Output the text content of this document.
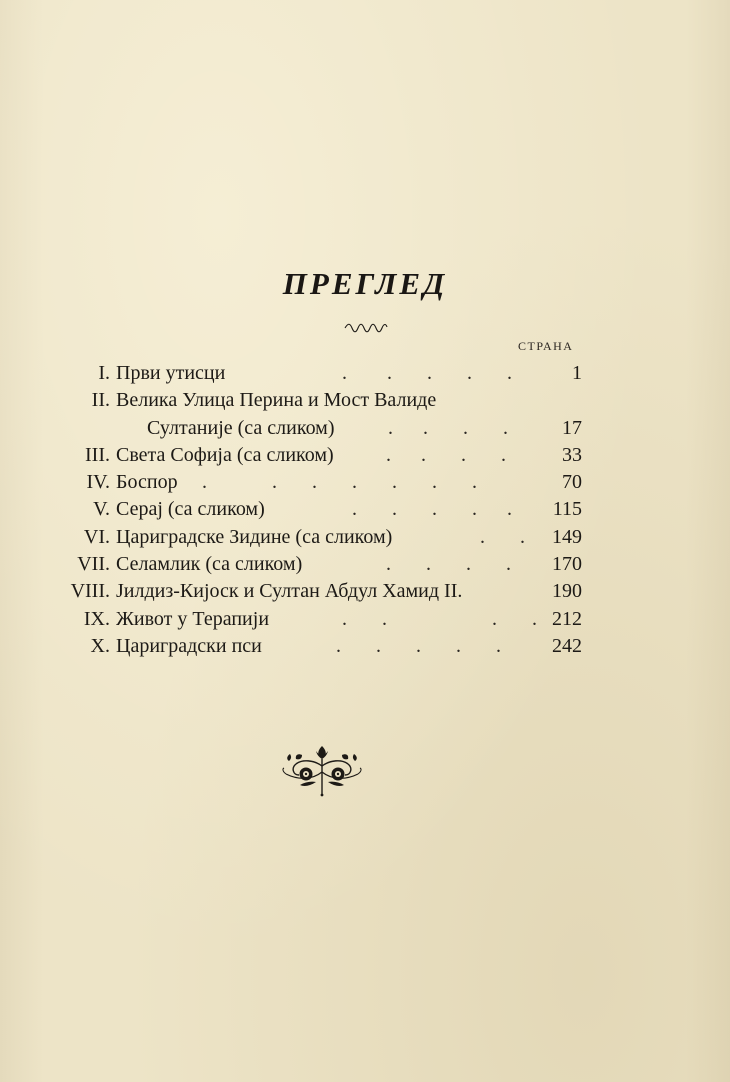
ПРЕГЛЕД
СТРАНА
I. Први утисци	.        .       .       .       .	1
II. Велика Улица Перина и Мост Валиде
Султаније (са сликом)	.      .       .       .	17
III. Света Софија (са сликом)	.      .       .       .	33
IV. Боспор .             .       .       .       .       .       .	70
V. Серај (са сликом)	.       .       .       .      .	115
VI. Цариградске Зидине (са сликом)	.       .	149
VII. Селамлик (са сликом)	.       .       .       .	170
VIII. Јилдиз-Кијоск и Султан Абдул Хамид II.	190
IX. Живот у Терапији	.       .                     .       . 212
X. Цариградски пси	.       .       .       .       .	242
